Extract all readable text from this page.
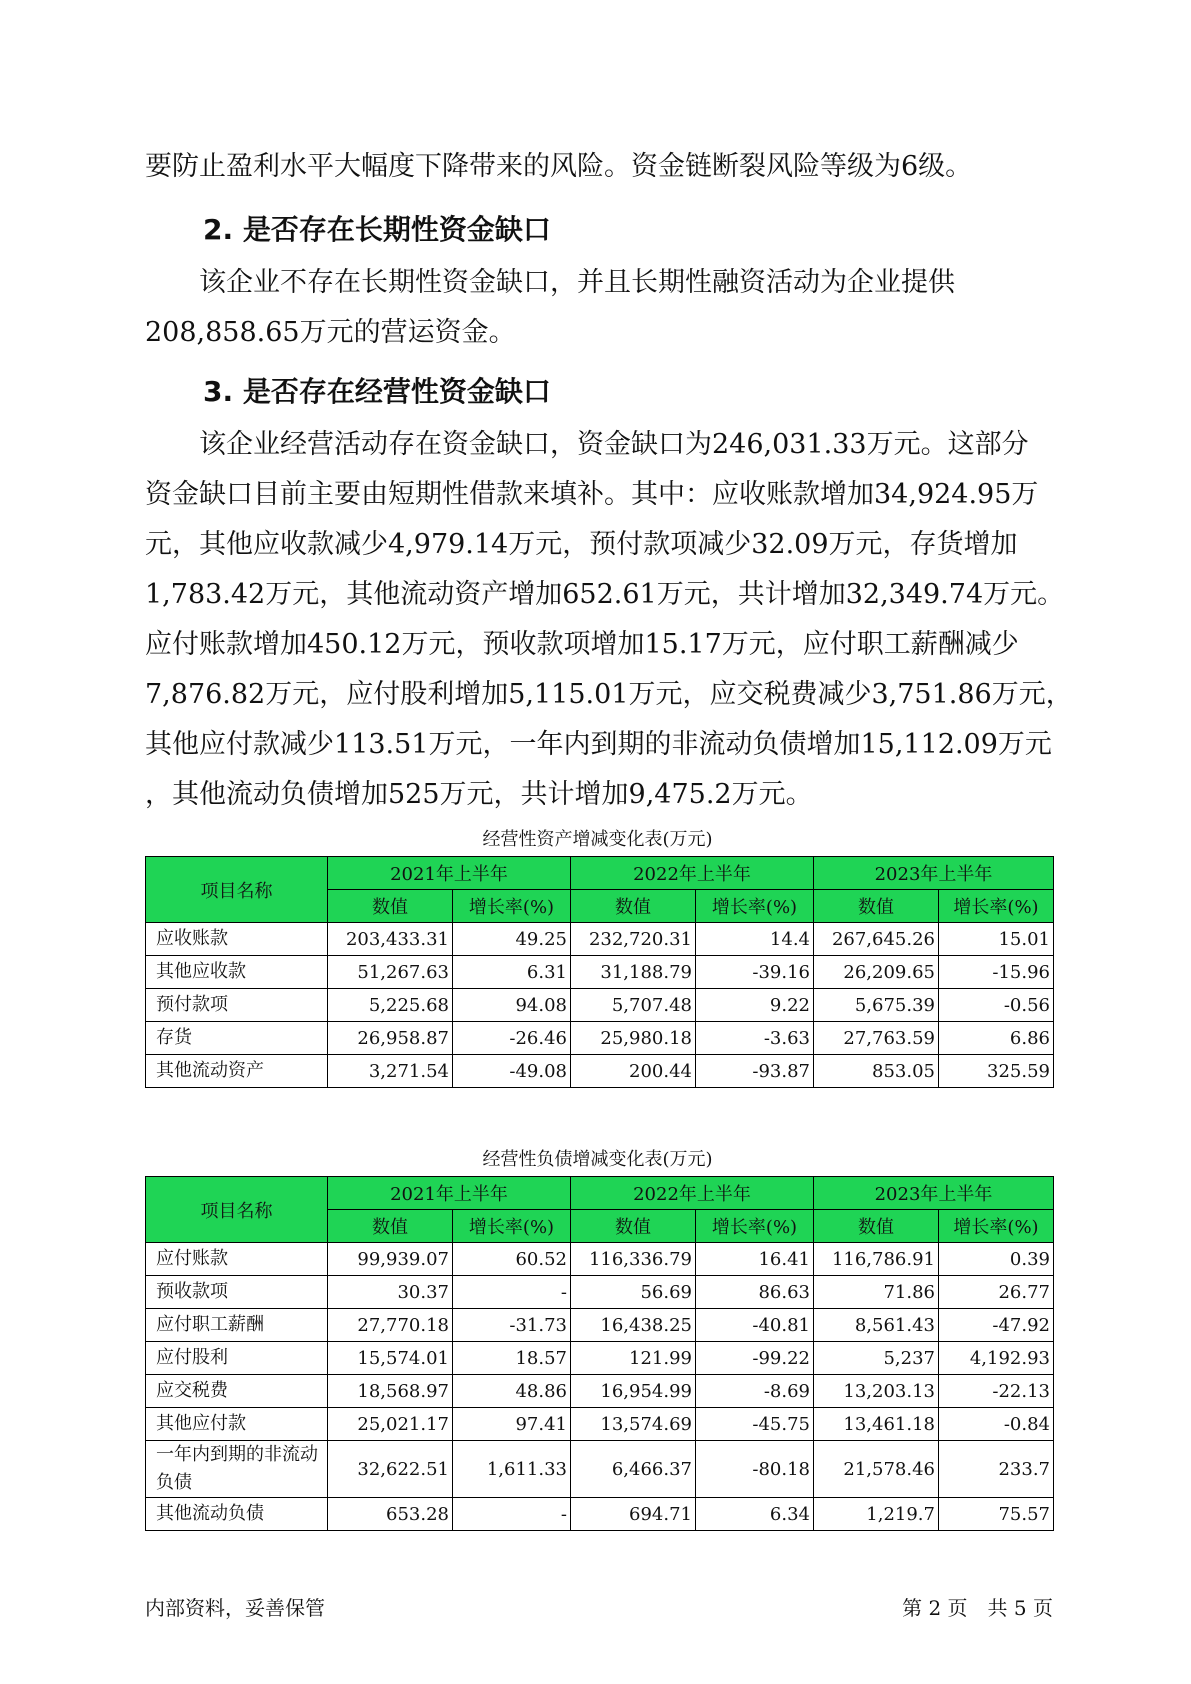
要防止盈利水平大幅度下降带来的风险。资金链断裂风险等级为6级。

2. 是否存在长期性资金缺口

　　该企业不存在长期性资金缺口，并且长期性融资活动为企业提供
208,858.65万元的营运资金。

3. 是否存在经营性资金缺口

　　该企业经营活动存在资金缺口，资金缺口为246,031.33万元。这部分
资金缺口目前主要由短期性借款来填补。其中：应收账款增加34,924.95万
元，其他应收款减少4,979.14万元，预付款项减少32.09万元，存货增加
1,783.42万元，其他流动资产增加652.61万元，共计增加32,349.74万元。
应付账款增加450.12万元，预收款项增加15.17万元，应付职工薪酬减少
7,876.82万元，应付股利增加5,115.01万元，应交税费减少3,751.86万元，
其他应付款减少113.51万元，一年内到期的非流动负债增加15,112.09万元
，其他流动负债增加525万元，共计增加9,475.2万元。

经营性资产增减变化表(万元)
项目名称	2021年上半年		2022年上半年		2023年上半年	
	数值	增长率(%)	数值	增长率(%)	数值	增长率(%)
应收账款	203,433.31	49.25	232,720.31	14.4	267,645.26	15.01
其他应收款	51,267.63	6.31	31,188.79	-39.16	26,209.65	-15.96
预付款项	5,225.68	94.08	5,707.48	9.22	5,675.39	-0.56
存货	26,958.87	-26.46	25,980.18	-3.63	27,763.59	6.86
其他流动资产	3,271.54	-49.08	200.44	-93.87	853.05	325.59
经营性负债增减变化表(万元)
项目名称	2021年上半年		2022年上半年		2023年上半年	
	数值	增长率(%)	数值	增长率(%)	数值	增长率(%)
应付账款	99,939.07	60.52	116,336.79	16.41	116,786.91	0.39
预收款项	30.37	-	56.69	86.63	71.86	26.77
应付职工薪酬	27,770.18	-31.73	16,438.25	-40.81	8,561.43	-47.92
应付股利	15,574.01	18.57	121.99	-99.22	5,237	4,192.93
应交税费	18,568.97	48.86	16,954.99	-8.69	13,203.13	-22.13
其他应付款	25,021.17	97.41	13,574.69	-45.75	13,461.18	-0.84
一年内到期的非流动负债	32,622.51	1,611.33	6,466.37	-80.18	21,578.46	233.7
其他流动负债	653.28	-	694.71	6.34	1,219.7	75.57
内部资料，妥善保管	第 2 页　共 5 页
